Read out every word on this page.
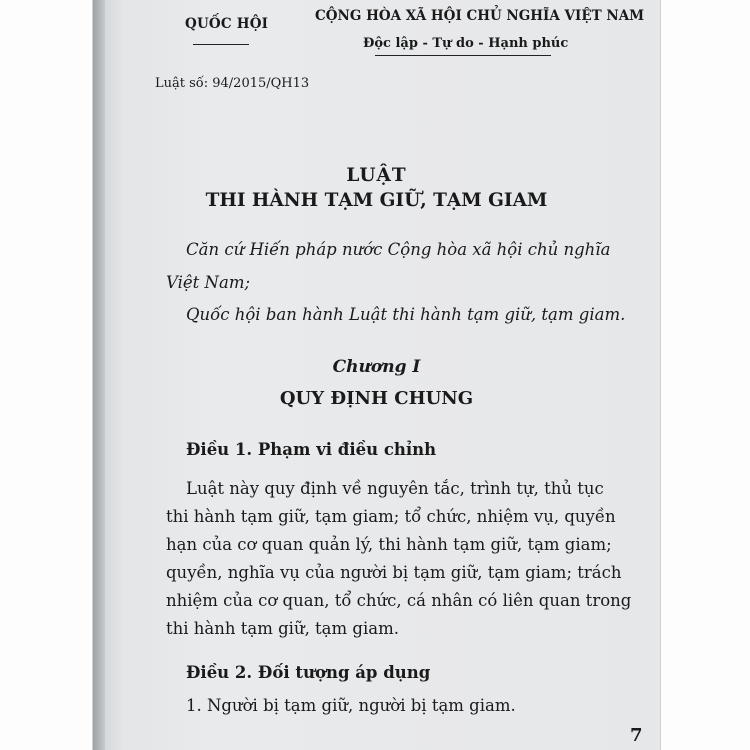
QUỐC HỘI	CỘNG HÒA XÃ HỘI CHỦ NGHĨA VIỆT NAM
Độc lập - Tự do - Hạnh phúc
Luật số: 94/2015/QH13
LUẬT
THI HÀNH TẠM GIỮ, TẠM GIAM
Căn cứ Hiến pháp nước Cộng hòa xã hội chủ nghĩa
Việt Nam;
Quốc hội ban hành Luật thi hành tạm giữ, tạm giam.
Chương I
QUY ĐỊNH CHUNG
Điều 1. Phạm vi điều chỉnh
Luật này quy định về nguyên tắc, trình tự, thủ tục
thi hành tạm giữ, tạm giam; tổ chức, nhiệm vụ, quyền
hạn của cơ quan quản lý, thi hành tạm giữ, tạm giam;
quyền, nghĩa vụ của người bị tạm giữ, tạm giam; trách
nhiệm của cơ quan, tổ chức, cá nhân có liên quan trong
thi hành tạm giữ, tạm giam.
Điều 2. Đối tượng áp dụng
1. Người bị tạm giữ, người bị tạm giam.
7
